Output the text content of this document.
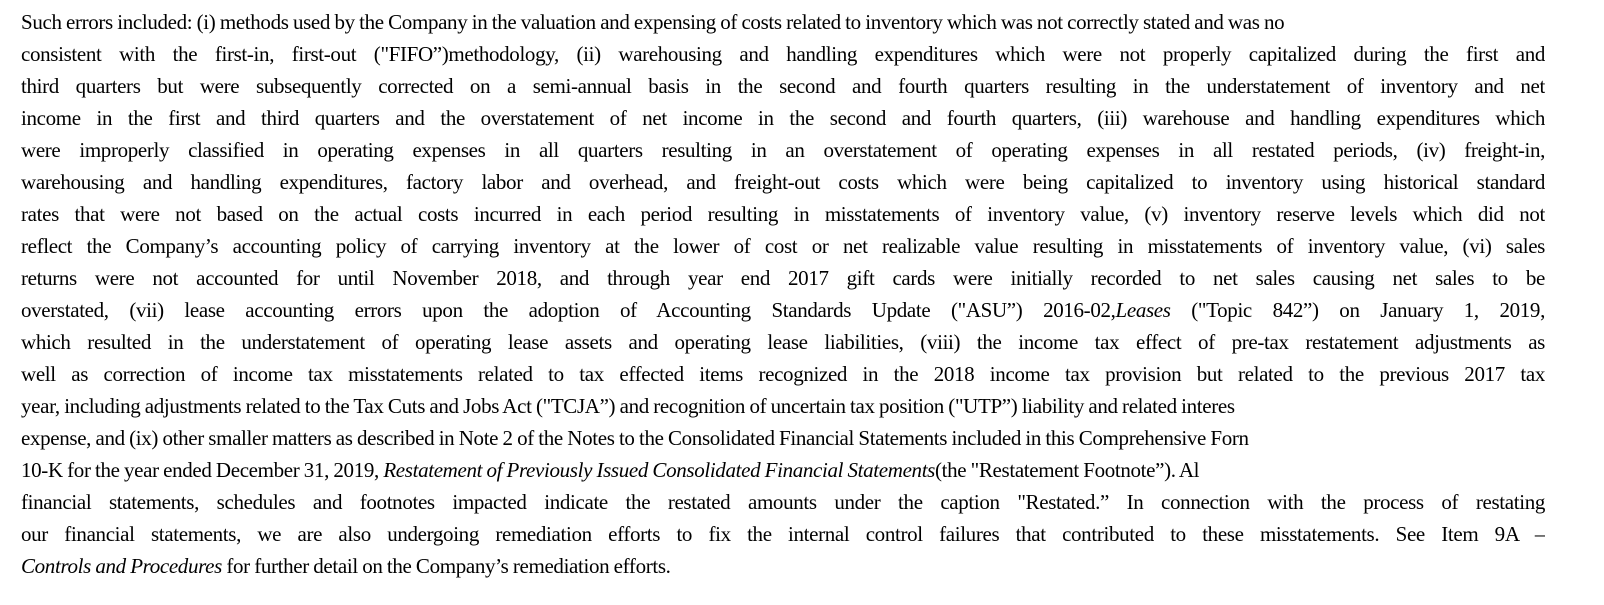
Such errors included: (i) methods used by the Company in the valuation and expensing of costs related to inventory which was not correctly stated and was no
consistent with the first-in, first-out ("FIFO”)methodology, (ii) warehousing and handling expenditures which were not properly capitalized during the first and
third quarters but were subsequently corrected on a semi-annual basis in the second and fourth quarters resulting in the understatement of inventory and net
income in the first and third quarters and the overstatement of net income in the second and fourth quarters, (iii) warehouse and handling expenditures which
were improperly classified in operating expenses in all quarters resulting in an overstatement of operating expenses in all restated periods, (iv) freight-in,
warehousing and handling expenditures, factory labor and overhead, and freight-out costs which were being capitalized to inventory using historical standard
rates that were not based on the actual costs incurred in each period resulting in misstatements of inventory value, (v) inventory reserve levels which did not
reflect the Company’s accounting policy of carrying inventory at the lower of cost or net realizable value resulting in misstatements of inventory value, (vi) sales
returns were not accounted for until November 2018, and through year end 2017 gift cards were initially recorded to net sales causing net sales to be
overstated, (vii) lease accounting errors upon the adoption of Accounting Standards Update ("ASU”) 2016-02,Leases ("Topic 842”) on January 1, 2019,
which resulted in the understatement of operating lease assets and operating lease liabilities, (viii) the income tax effect of pre-tax restatement adjustments as
well as correction of income tax misstatements related to tax effected items recognized in the 2018 income tax provision but related to the previous 2017 tax
year, including adjustments related to the Tax Cuts and Jobs Act ("TCJA”) and recognition of uncertain tax position ("UTP”) liability and related interes
expense, and (ix) other smaller matters as described in Note 2 of the Notes to the Consolidated Financial Statements included in this Comprehensive Forn
10-K for the year ended December 31, 2019, Restatement of Previously Issued Consolidated Financial Statements(the "Restatement Footnote”). Al
financial statements, schedules and footnotes impacted indicate the restated amounts under the caption "Restated.” In connection with the process of restating
our financial statements, we are also undergoing remediation efforts to fix the internal control failures that contributed to these misstatements. See Item 9A –
Controls and Procedures for further detail on the Company’s remediation efforts.
